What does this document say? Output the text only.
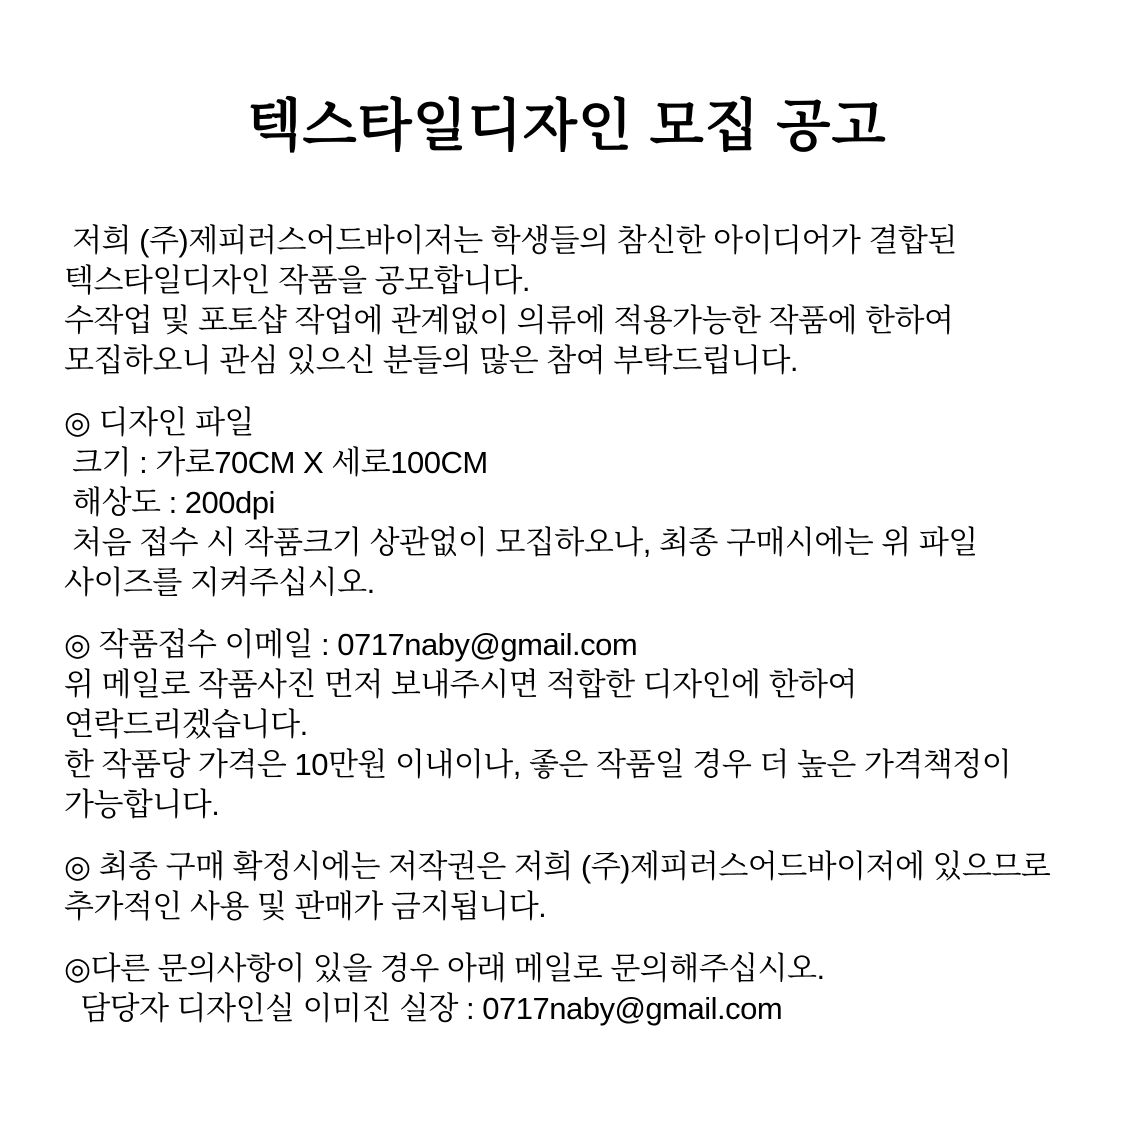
텍스타일디자인 모집 공고
저희 (주)제피러스어드바이저는 학생들의 참신한 아이디어가 결합된
텍스타일디자인 작품을 공모합니다.
수작업 및 포토샵 작업에 관계없이 의류에 적용가능한 작품에 한하여
모집하오니 관심 있으신 분들의 많은 참여 부탁드립니다.
◎ 디자인 파일
크기 : 가로70CM X 세로100CM
해상도 : 200dpi
처음 접수 시 작품크기 상관없이 모집하오나, 최종 구매시에는 위 파일
사이즈를 지켜주십시오.
◎ 작품접수 이메일 : 0717naby@gmail.com
위 메일로 작품사진 먼저 보내주시면 적합한 디자인에 한하여
연락드리겠습니다.
한 작품당 가격은 10만원 이내이나, 좋은 작품일 경우 더 높은 가격책정이
가능합니다.
◎ 최종 구매 확정시에는 저작권은 저희 (주)제피러스어드바이저에 있으므로
추가적인 사용 및 판매가 금지됩니다.
◎다른 문의사항이 있을 경우 아래 메일로 문의해주십시오.
담당자 디자인실 이미진 실장 : 0717naby@gmail.com
